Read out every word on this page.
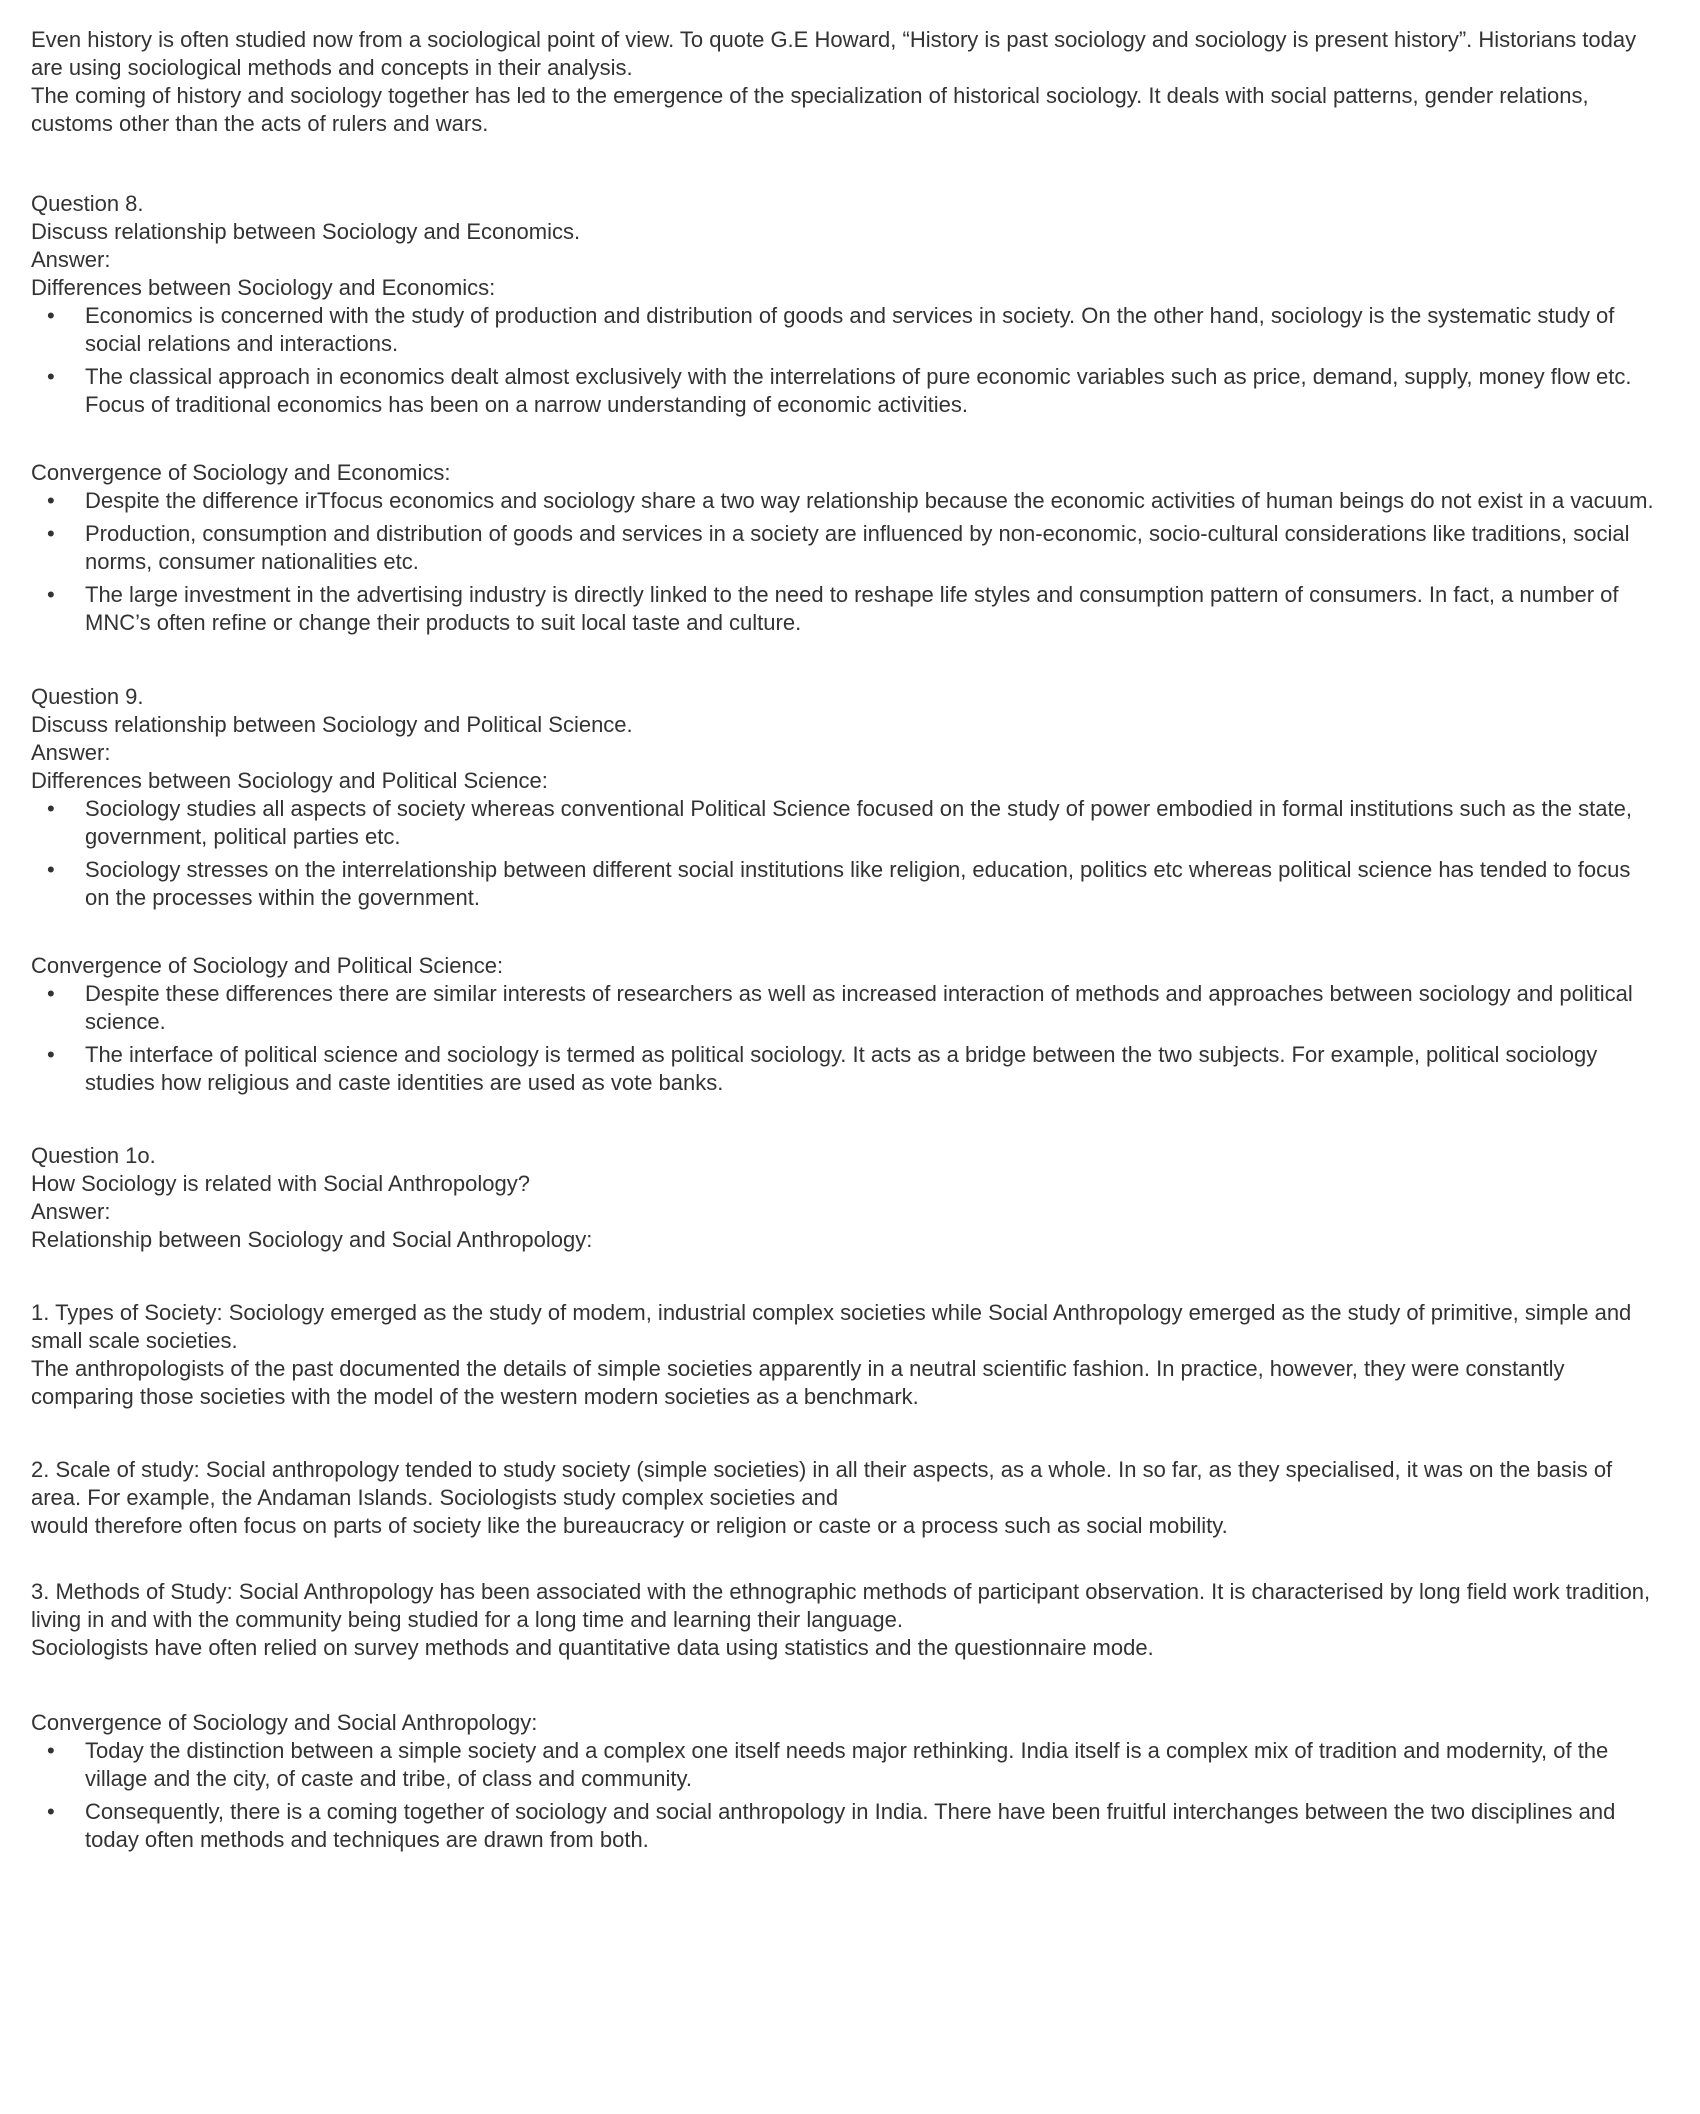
Even history is often studied now from a sociological point of view. To quote G.E Howard, “History is past sociology and sociology is present history”. Historians today are using sociological methods and concepts in their analysis.

The coming of history and sociology together has led to the emergence of the specialization of historical sociology. It deals with social patterns, gender relations, customs other than the acts of rulers and wars.

Question 8.

Discuss relationship between Sociology and Economics.

Answer:

Differences between Sociology and Economics:

• Economics is concerned with the study of production and distribution of goods and services in society. On the other hand, sociology is the systematic study of social relations and interactions.
• The classical approach in economics dealt almost exclusively with the interrelations of pure economic variables such as price, demand, supply, money flow etc. Focus of traditional economics has been on a narrow understanding of economic activities.

Convergence of Sociology and Economics:

• Despite the difference irTfocus economics and sociology share a two way relationship because the economic activities of human beings do not exist in a vacuum.
• Production, consumption and distribution of goods and services in a society are influenced by non-economic, socio-cultural considerations like traditions, social norms, consumer nationalities etc.
• The large investment in the advertising industry is directly linked to the need to reshape life styles and consumption pattern of consumers. In fact, a number of MNC’s often refine or change their products to suit local taste and culture.

Question 9.

Discuss relationship between Sociology and Political Science.

Answer:

Differences between Sociology and Political Science:

• Sociology studies all aspects of society whereas conventional Political Science focused on the study of power embodied in formal institutions such as the state, government, political parties etc.
• Sociology stresses on the interrelationship between different social institutions like religion, education, politics etc whereas political science has tended to focus on the processes within the government.

Convergence of Sociology and Political Science:

• Despite these differences there are similar interests of researchers as well as increased interaction of methods and approaches between sociology and political science.
• The interface of political science and sociology is termed as political sociology. It acts as a bridge between the two subjects. For example, political sociology studies how religious and caste identities are used as vote banks.

Question 1o.

How Sociology is related with Social Anthropology?

Answer:

Relationship between Sociology and Social Anthropology:

1. Types of Society: Sociology emerged as the study of modem, industrial complex societies while Social Anthropology emerged as the study of primitive, simple and small scale societies.

The anthropologists of the past documented the details of simple societies apparently in a neutral scientific fashion. In practice, however, they were constantly comparing those societies with the model of the western modern societies as a benchmark.

2. Scale of study: Social anthropology tended to study society (simple societies) in all their aspects, as a whole. In so far, as they specialised, it was on the basis of area. For example, the Andaman Islands. Sociologists study complex societies and

would therefore often focus on parts of society like the bureaucracy or religion or caste or a process such as social mobility.

3. Methods of Study: Social Anthropology has been associated with the ethnographic methods of participant observation. It is characterised by long field work tradition, living in and with the community being studied for a long time and learning their language.

Sociologists have often relied on survey methods and quantitative data using statistics and the questionnaire mode.

Convergence of Sociology and Social Anthropology:

• Today the distinction between a simple society and a complex one itself needs major rethinking. India itself is a complex mix of tradition and modernity, of the village and the city, of caste and tribe, of class and community.
• Consequently, there is a coming together of sociology and social anthropology in India. There have been fruitful interchanges between the two disciplines and today often methods and techniques are drawn from both.
